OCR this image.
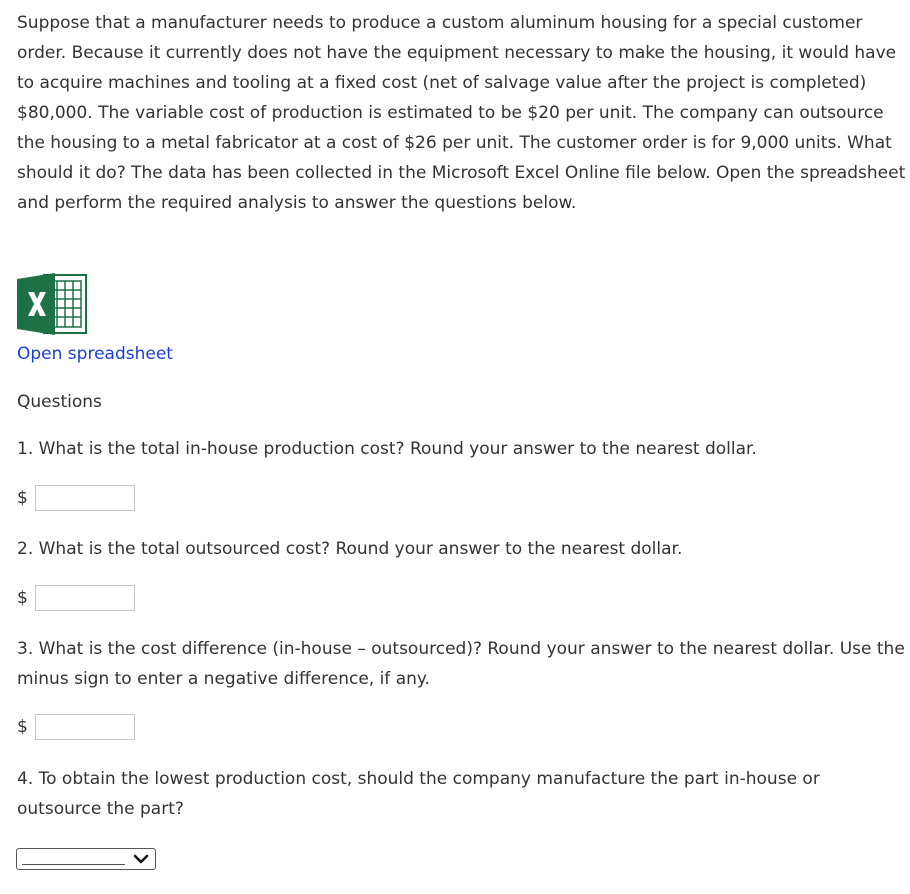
Suppose that a manufacturer needs to produce a custom aluminum housing for a special customer order. Because it currently does not have the equipment necessary to make the housing, it would have to acquire machines and tooling at a fixed cost (net of salvage value after the project is completed) $80,000. The variable cost of production is estimated to be $20 per unit. The company can outsource the housing to a metal fabricator at a cost of $26 per unit. The customer order is for 9,000 units. What should it do? The data has been collected in the Microsoft Excel Online file below. Open the spreadsheet and perform the required analysis to answer the questions below.

Open spreadsheet
Questions

1. What is the total in-house production cost? Round your answer to the nearest dollar.

$

2. What is the total outsourced cost? Round your answer to the nearest dollar.

$

3. What is the cost difference (in-house – outsourced)? Round your answer to the nearest dollar. Use the minus sign to enter a negative difference, if any.

$

4. To obtain the lowest production cost, should the company manufacture the part in-house or outsource the part?
